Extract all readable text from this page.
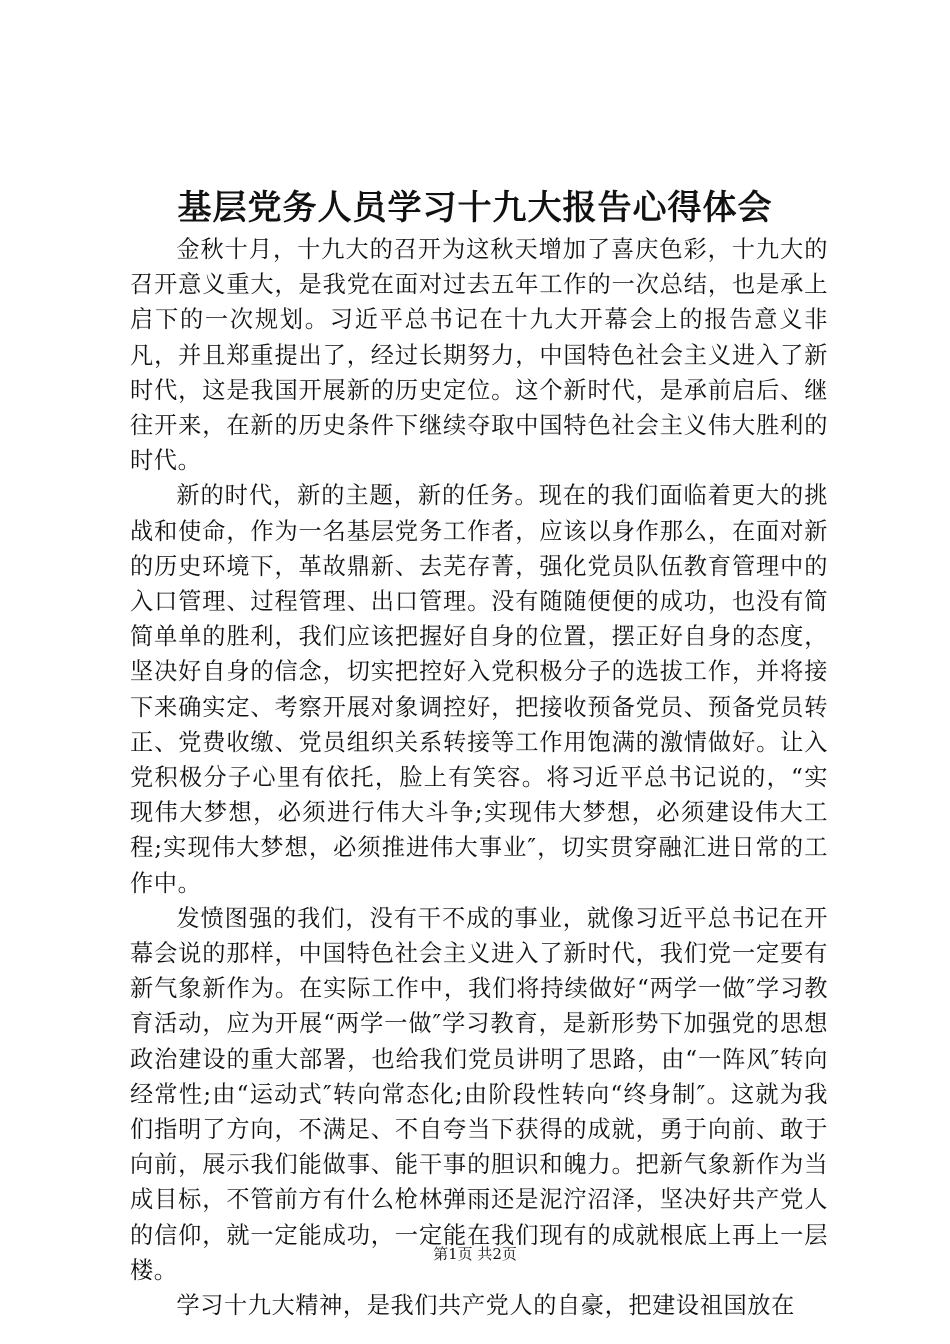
基层党务人员学习十九大报告心得体会

金秋十月，十九大的召开为这秋天增加了喜庆色彩，十九大的召开意义重大，是我党在面对过去五年工作的一次总结，也是承上启下的一次规划。习近平总书记在十九大开幕会上的报告意义非凡，并且郑重提出了，经过长期努力，中国特色社会主义进入了新时代，这是我国开展新的历史定位。这个新时代，是承前启后、继往开来，在新的历史条件下继续夺取中国特色社会主义伟大胜利的时代。

新的时代，新的主题，新的任务。现在的我们面临着更大的挑战和使命，作为一名基层党务工作者，应该以身作那么，在面对新的历史环境下，革故鼎新、去芜存菁，强化党员队伍教育管理中的入口管理、过程管理、出口管理。没有随随便便的成功，也没有简简单单的胜利，我们应该把握好自身的位置，摆正好自身的态度，坚决好自身的信念，切实把控好入党积极分子的选拔工作，并将接下来确实定、考察开展对象调控好，把接收预备党员、预备党员转正、党费收缴、党员组织关系转接等工作用饱满的激情做好。让入党积极分子心里有依托，脸上有笑容。将习近平总书记说的，“实现伟大梦想，必须进行伟大斗争;实现伟大梦想，必须建设伟大工程;实现伟大梦想，必须推进伟大事业″，切实贯穿融汇进日常的工作中。

发愤图强的我们，没有干不成的事业，就像习近平总书记在开幕会说的那样，中国特色社会主义进入了新时代，我们党一定要有新气象新作为。在实际工作中，我们将持续做好“两学一做″学习教育活动，应为开展“两学一做″学习教育，是新形势下加强党的思想政治建设的重大部署，也给我们党员讲明了思路，由“一阵风″转向经常性;由“运动式″转向常态化;由阶段性转向“终身制″。这就为我们指明了方向，不满足、不自夸当下获得的成就，勇于向前、敢于向前，展示我们能做事、能干事的胆识和魄力。把新气象新作为当成目标，不管前方有什么枪林弹雨还是泥泞沼泽，坚决好共产党人的信仰，就一定能成功，一定能在我们现有的成就根底上再上一层楼。

学习十九大精神，是我们共产党人的自豪，把建设祖国放在

第1页 共2页
